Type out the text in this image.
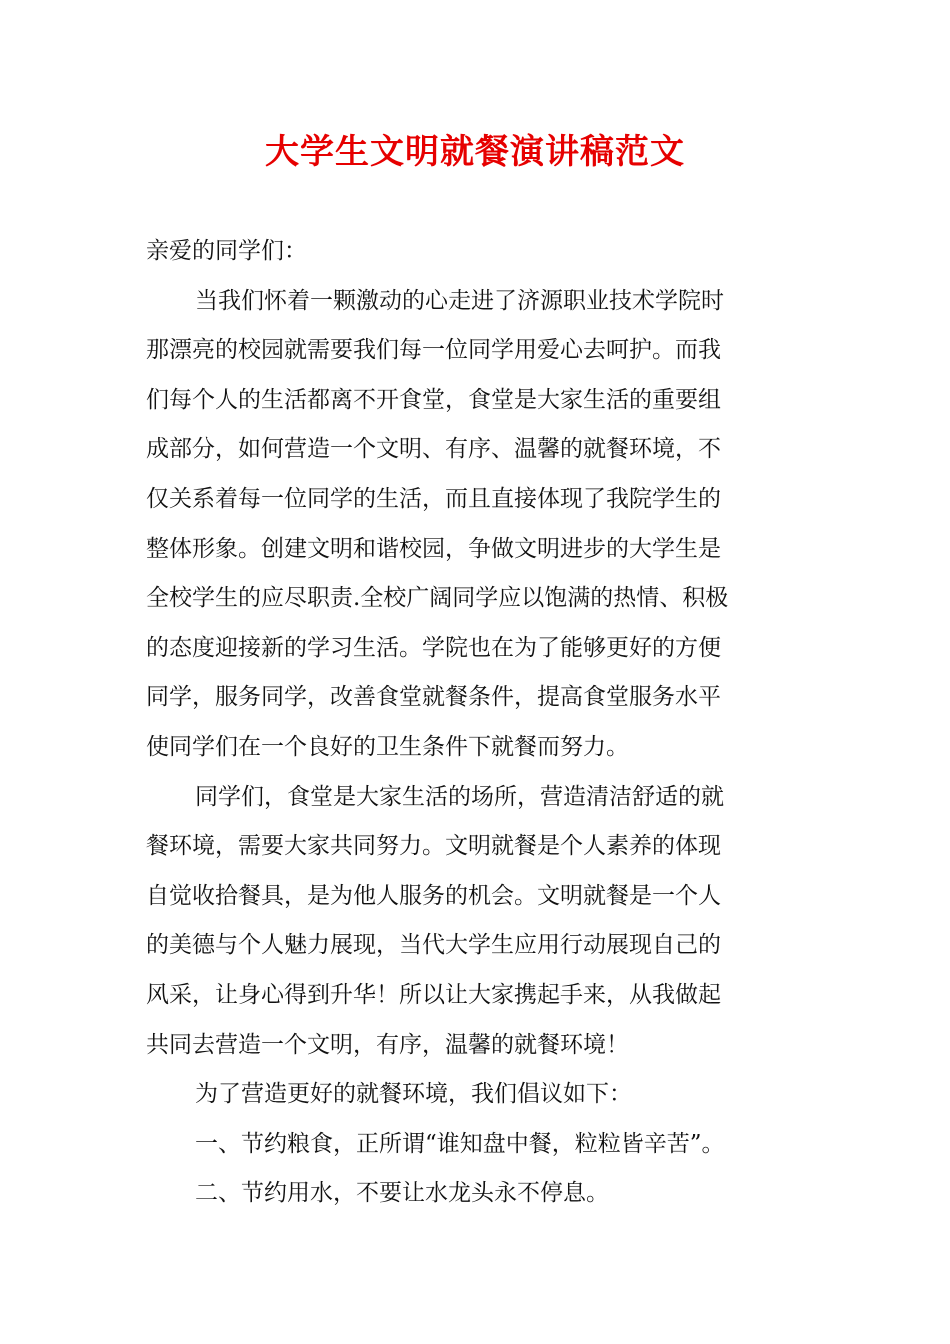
大学生文明就餐演讲稿范文
亲爱的同学们：
当我们怀着一颗激动的心走进了济源职业技术学院时
那漂亮的校园就需要我们每一位同学用爱心去呵护。而我
们每个人的生活都离不开食堂，食堂是大家生活的重要组
成部分，如何营造一个文明、有序、温馨的就餐环境，不
仅关系着每一位同学的生活，而且直接体现了我院学生的
整体形象。创建文明和谐校园，争做文明进步的大学生是
全校学生的应尽职责.全校广阔同学应以饱满的热情、积极
的态度迎接新的学习生活。学院也在为了能够更好的方便
同学，服务同学，改善食堂就餐条件，提高食堂服务水平
使同学们在一个良好的卫生条件下就餐而努力。
同学们，食堂是大家生活的场所，营造清洁舒适的就
餐环境，需要大家共同努力。文明就餐是个人素养的体现
自觉收拾餐具，是为他人服务的机会。文明就餐是一个人
的美德与个人魅力展现，当代大学生应用行动展现自己的
风采，让身心得到升华！所以让大家携起手来，从我做起
共同去营造一个文明，有序，温馨的就餐环境！
为了营造更好的就餐环境，我们倡议如下：
一、节约粮食，正所谓“谁知盘中餐，粒粒皆辛苦”。
二、节约用水，不要让水龙头永不停息。
